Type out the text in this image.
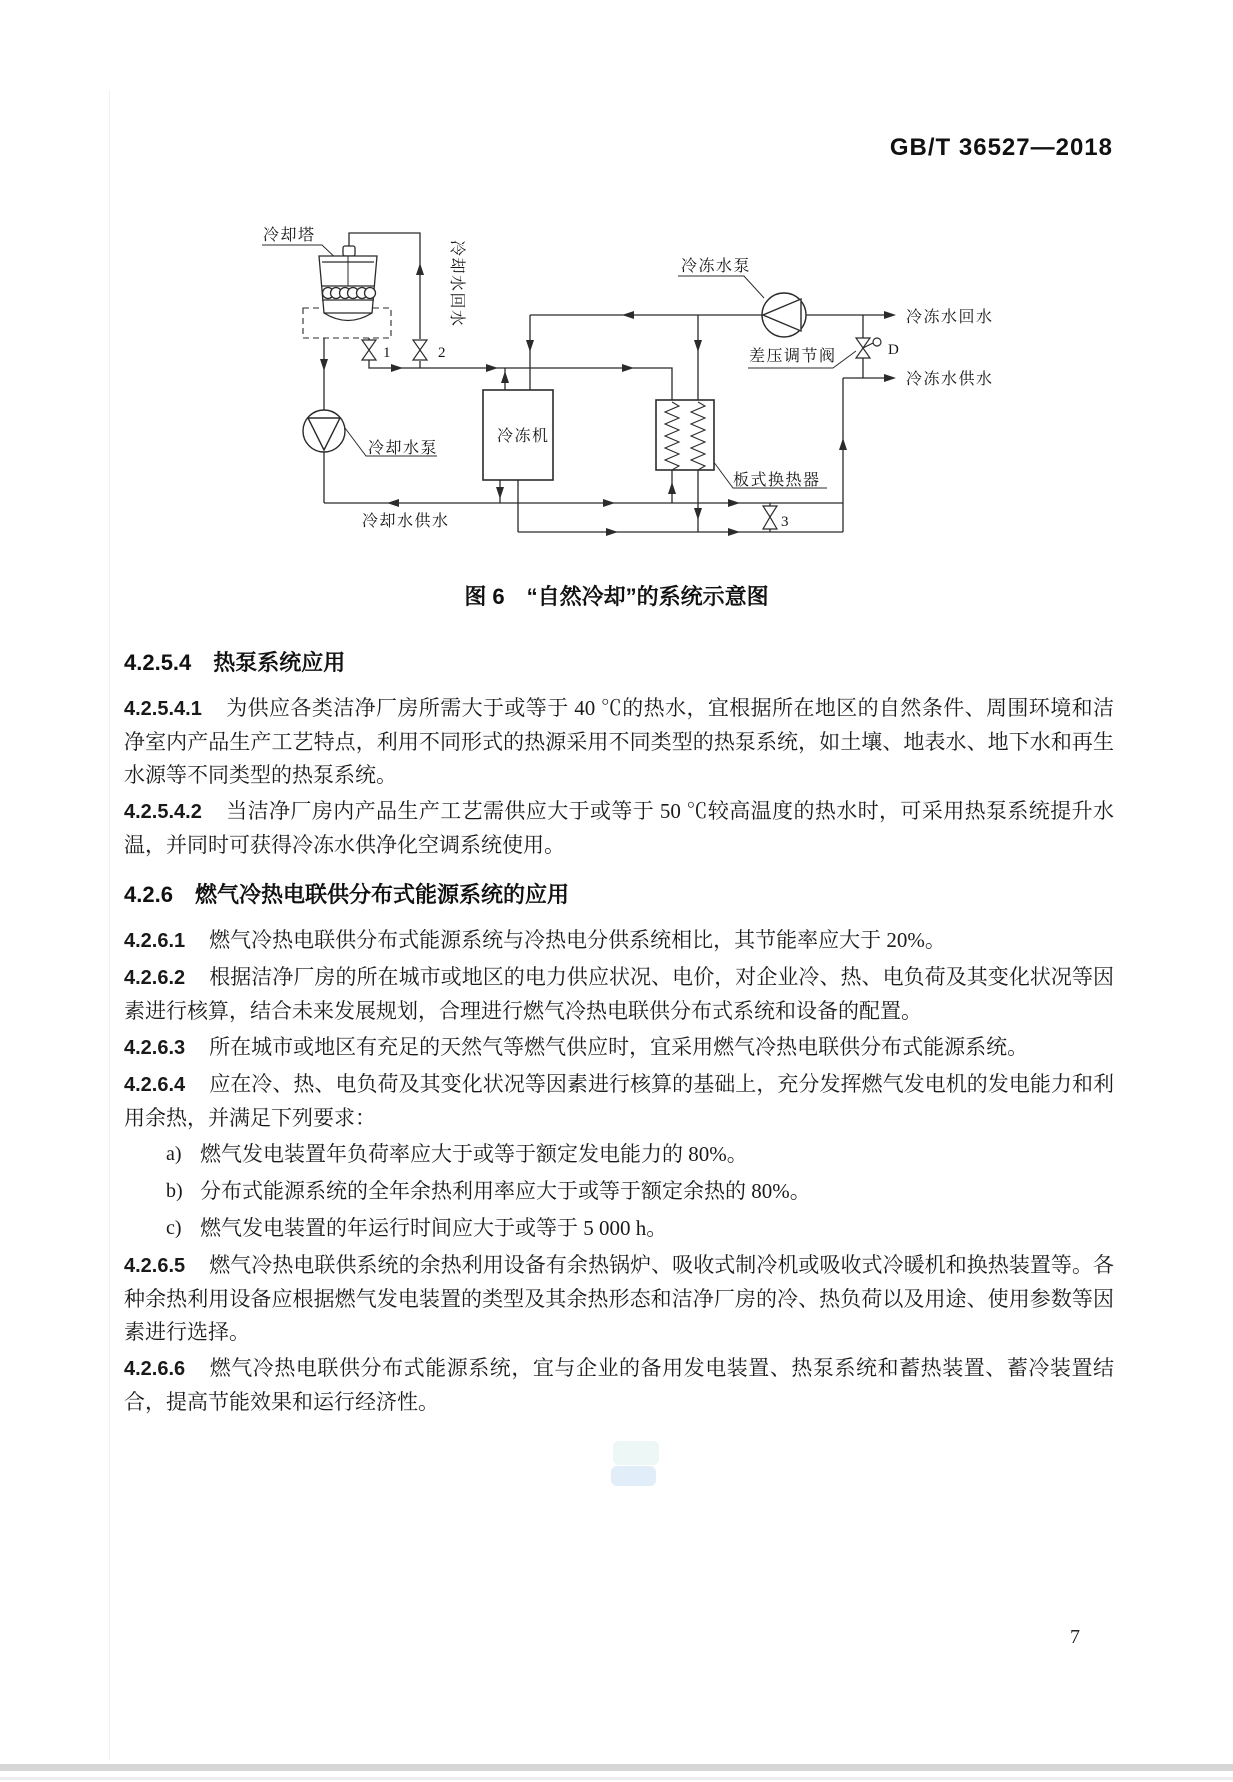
GB/T 36527—2018
冷却塔
冷却水回水
冷却水泵
冷冻机
冷冻水泵
冷冻水回水
差压调节阀
冷冻水供水
板式换热器
冷却水供水
1	2
3
D
图 6　“自然冷却”的系统示意图
4.2.5.4 热泵系统应用

4.2.5.4.1 为供应各类洁净厂房所需大于或等于 40 ℃的热水，宜根据所在地区的自然条件、周围环境和洁净室内产品生产工艺特点，利用不同形式的热源采用不同类型的热泵系统，如土壤、地表水、地下水和再生水源等不同类型的热泵系统。

4.2.5.4.2 当洁净厂房内产品生产工艺需供应大于或等于 50 ℃较高温度的热水时，可采用热泵系统提升水温，并同时可获得冷冻水供净化空调系统使用。

4.2.6 燃气冷热电联供分布式能源系统的应用

4.2.6.1 燃气冷热电联供分布式能源系统与冷热电分供系统相比，其节能率应大于 20%。

4.2.6.2 根据洁净厂房的所在城市或地区的电力供应状况、电价，对企业冷、热、电负荷及其变化状况等因素进行核算，结合未来发展规划，合理进行燃气冷热电联供分布式系统和设备的配置。

4.2.6.3 所在城市或地区有充足的天然气等燃气供应时，宜采用燃气冷热电联供分布式能源系统。

4.2.6.4 应在冷、热、电负荷及其变化状况等因素进行核算的基础上，充分发挥燃气发电机的发电能力和利用余热，并满足下列要求：

a) 燃气发电装置年负荷率应大于或等于额定发电能力的 80%。

b) 分布式能源系统的全年余热利用率应大于或等于额定余热的 80%。

c) 燃气发电装置的年运行时间应大于或等于 5 000 h。

4.2.6.5 燃气冷热电联供系统的余热利用设备有余热锅炉、吸收式制冷机或吸收式冷暖机和换热装置等。各种余热利用设备应根据燃气发电装置的类型及其余热形态和洁净厂房的冷、热负荷以及用途、使用参数等因素进行选择。

4.2.6.6 燃气冷热电联供分布式能源系统，宜与企业的备用发电装置、热泵系统和蓄热装置、蓄冷装置结合，提高节能效果和运行经济性。

7
